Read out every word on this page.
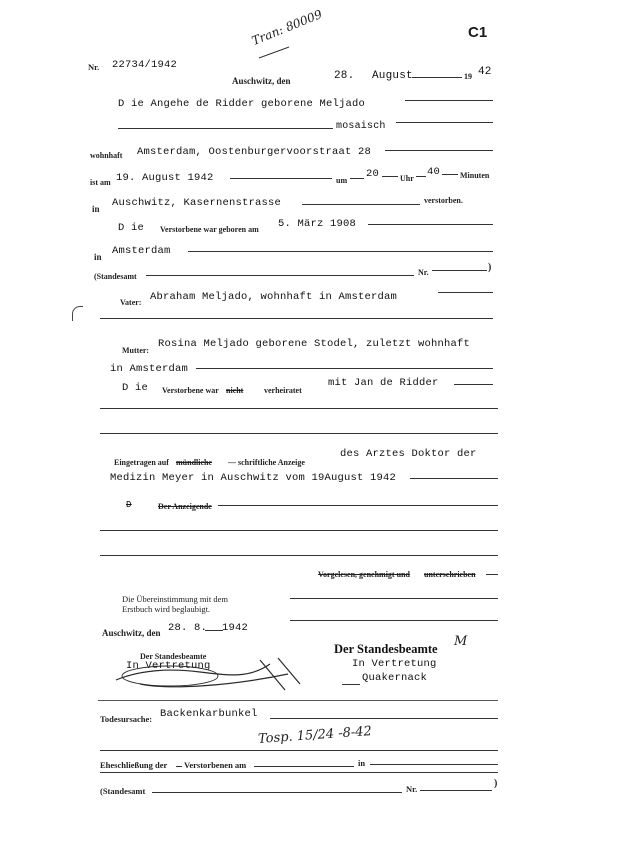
Nr. 22734/1942
Tran: 80009	C1
Auschwitz, den	28. August	19 42
D ie Angehe de Ridder geborene Meljado
mosaisch
wohnhaft Amsterdam, Oostenburgervoorstraat 28
ist am 19. August 1942	um
20	Uhr
40 Minuten
in Auschwitz, Kasernenstrasse	verstorben.
D ie Verstorbene war geboren am 5. März 1908
in Amsterdam
(Standesamt	Nr.	)
Vater: Abraham Meljado, wohnhaft in Amsterdam
Mutter:
Rosina Meljado geborene Stodel, zuletzt wohnhaft
in Amsterdam
D ie Verstorbene war nicht	verheiratet
mit Jan de Ridder
Eingetragen auf mündliche — schriftliche Anzeige
des Arztes Doktor der
Medizin Meyer in Auschwitz vom 19August 1942
D	Der Anzeigende
Vorgelesen, genehmigt und unterschrieben
Die Übereinstimmung mit dem
Erstbuch wird beglaubigt.
Auschwitz, den 28. 8. 1942
Der Standesbeamte
In Vertretung
Der Standesbeamte M
In Vertretung
Quakernack
Todesursache: Backenkarbunkel
Tosp. 15/24 -8-42
Eheschließung der Verstorbenen am	in
(Standesamt	Nr.	)
